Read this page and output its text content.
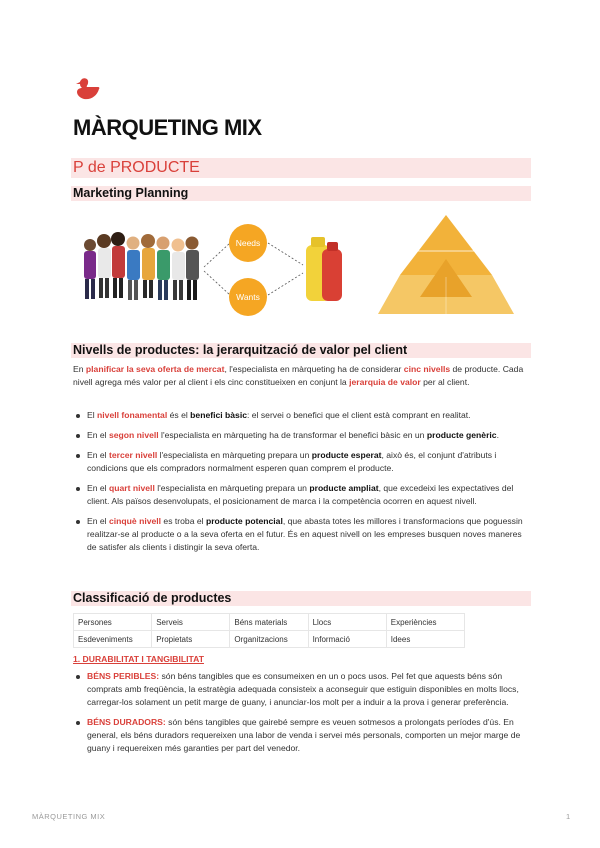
MÀRQUETING MIX
P de PRODUCTE
Marketing Planning
Needs
Wants
Nivells de productes: la jerarquització de valor pel client

En planificar la seva oferta de mercat, l'especialista en màrqueting ha de considerar cinc nivells de producte. Cada nivell agrega més valor per al client i els cinc constitueixen en conjunt la jerarquia de valor per al client.

El nivell fonamental és el benefici bàsic: el servei o benefici que el client està comprant en realitat.
En el segon nivell l'especialista en màrqueting ha de transformar el benefici bàsic en un producte genèric.
En el tercer nivell l'especialista en màrqueting prepara un producte esperat, això és, el conjunt d'atributs i condicions que els compradors normalment esperen quan comprem el producte.
En el quart nivell l'especialista en màrqueting prepara un producte ampliat, que excedeixi les expectatives del client. Als països desenvolupats, el posicionament de marca i la competència ocorren en aquest nivell.
En el cinquè nivell es troba el producte potencial, que abasta totes les millores i transformacions que poguessin realitzar-se al producte o a la seva oferta en el futur. És en aquest nivell on les empreses busquen noves maneres de satisfer als clients i distingir la seva oferta.
Classificació de productes
Persones	Serveis	Béns materials	Llocs	Experiències
Esdeveniments	Propietats	Organitzacions	Informació	Idees
1. DURABILITAT I TANGIBILITAT
BÉNS PERIBLES: són béns tangibles que es consumeixen en un o pocs usos. Pel fet que aquests béns són comprats amb freqüència, la estratègia adequada consisteix a aconseguir que estiguin disponibles en molts llocs, carregar-los solament un petit marge de guany, i anunciar-los molt per a induir a la prova i generar preferència.
BÉNS DURADORS: són béns tangibles que gairebé sempre es veuen sotmesos a prolongats períodes d'ús. En general, els béns duradors requereixen una labor de venda i servei més personals, comporten un mejor marge de guany i requereixen més garanties per part del venedor.
MÀRQUETING MIX	1
